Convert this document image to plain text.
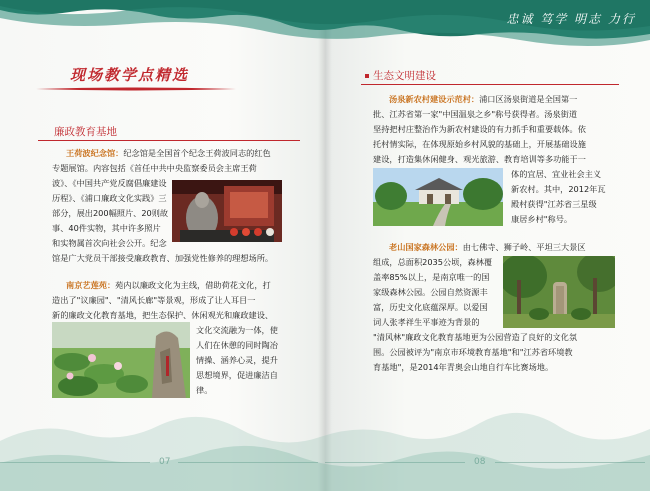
现场教学点精选
廉政教育基地
王荷波纪念馆：纪念馆是全国首个纪念王荷波同志的红色
专题展馆。内容包括《首任中共中央监察委员会主席王荷
波》、《中国共产党反腐倡廉建设
历程》、《浦口廉政文化实践》三
部分，展出200幅照片、20则故
事、40件实物，其中许多照片
和实物属首次向社会公开。纪念
馆是广大党员干部接受廉政教育、加强党性修养的理想场所。
南京艺莲苑：苑内以廉政文化为主线，借助荷花文化，打
造出了"议廉园"、"清风长廊"等景观，形成了让人耳目一
新的廉政文化教育基地，把生态保护、休闲观光和廉政建设、
文化交流融为一体，使
人们在休憩的同时陶冶
情操、涵养心灵，提升
思想境界，促进廉洁自
律。
07
生态文明建设
汤泉新农村建设示范村：浦口区汤泉街道是全国第一
批、江苏省第一家"中国温泉之乡"称号获得者。汤泉街道
坚持把村庄整治作为新农村建设的有力抓手和重要载体。依
托村情实际，在体现原始乡村风貌的基础上，开展基础设施
建设，打造集休闲健身、观光旅游、教育培训等多功能于一
体的宜居、宜业社会主义
新农村。其中，2012年瓦
殿村获得"江苏省三星级
康居乡村"称号。
老山国家森林公园：由七佛寺、狮子岭、平坦三大景区
组成，总面积2035公顷，森林覆
盖率85%以上，是南京唯一的国
家级森林公园。公园自然资源丰
富，历史文化底蕴深厚。以爱国
词人张孝祥生平事迹为背景的
"清风林"廉政文化教育基地更为公园营造了良好的文化氛
围。公园被评为"南京市环境教育基地"和"江苏省环境教
育基地"，是2014年青奥会山地自行车比赛场地。
08
忠诚 笃学 明志 力行
